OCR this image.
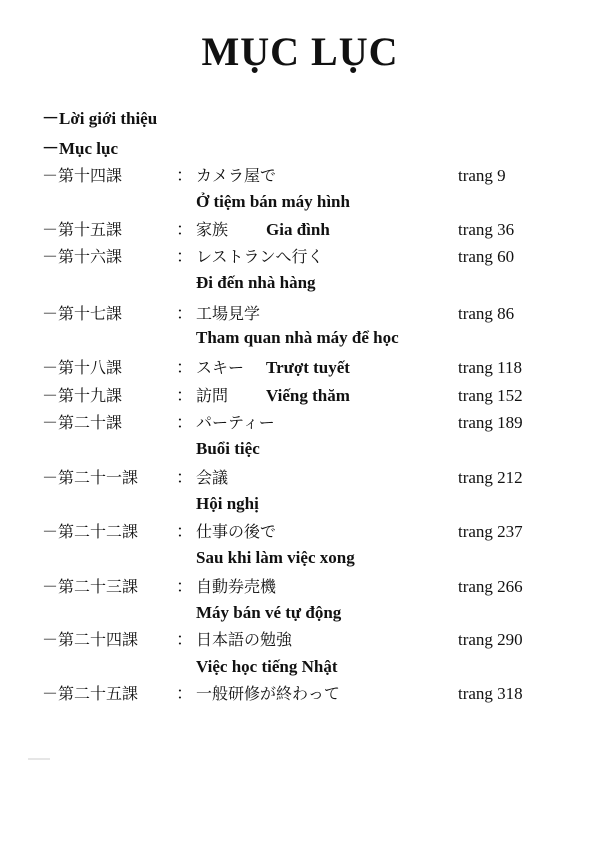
MỤC LỤC
－Lời giới thiệu
－Mục lục
－第十四課	： カメラ屋で	trang 9
Ở tiệm bán máy hình
－第十五課	： 家族 Gia đình	trang 36
－第十六課	： レストランへ行く	trang 60
Đi đến nhà hàng
－第十七課	： 工場見学	trang 86
Tham quan nhà máy để học
－第十八課	： スキー Trượt tuyết	trang 118
－第十九課	： 訪問 Viếng thăm	trang 152
－第二十課	： パーティー	trang 189
Buổi tiệc
－第二十一課 ： 会議	trang 212
Hội nghị
－第二十二課 ： 仕事の後で	trang 237
Sau khi làm việc xong
－第二十三課 ： 自動券売機	trang 266
Máy bán vé tự động
－第二十四課 ： 日本語の勉強	trang 290
Việc học tiếng Nhật
－第二十五課 ： 一般研修が終わって	trang 318
